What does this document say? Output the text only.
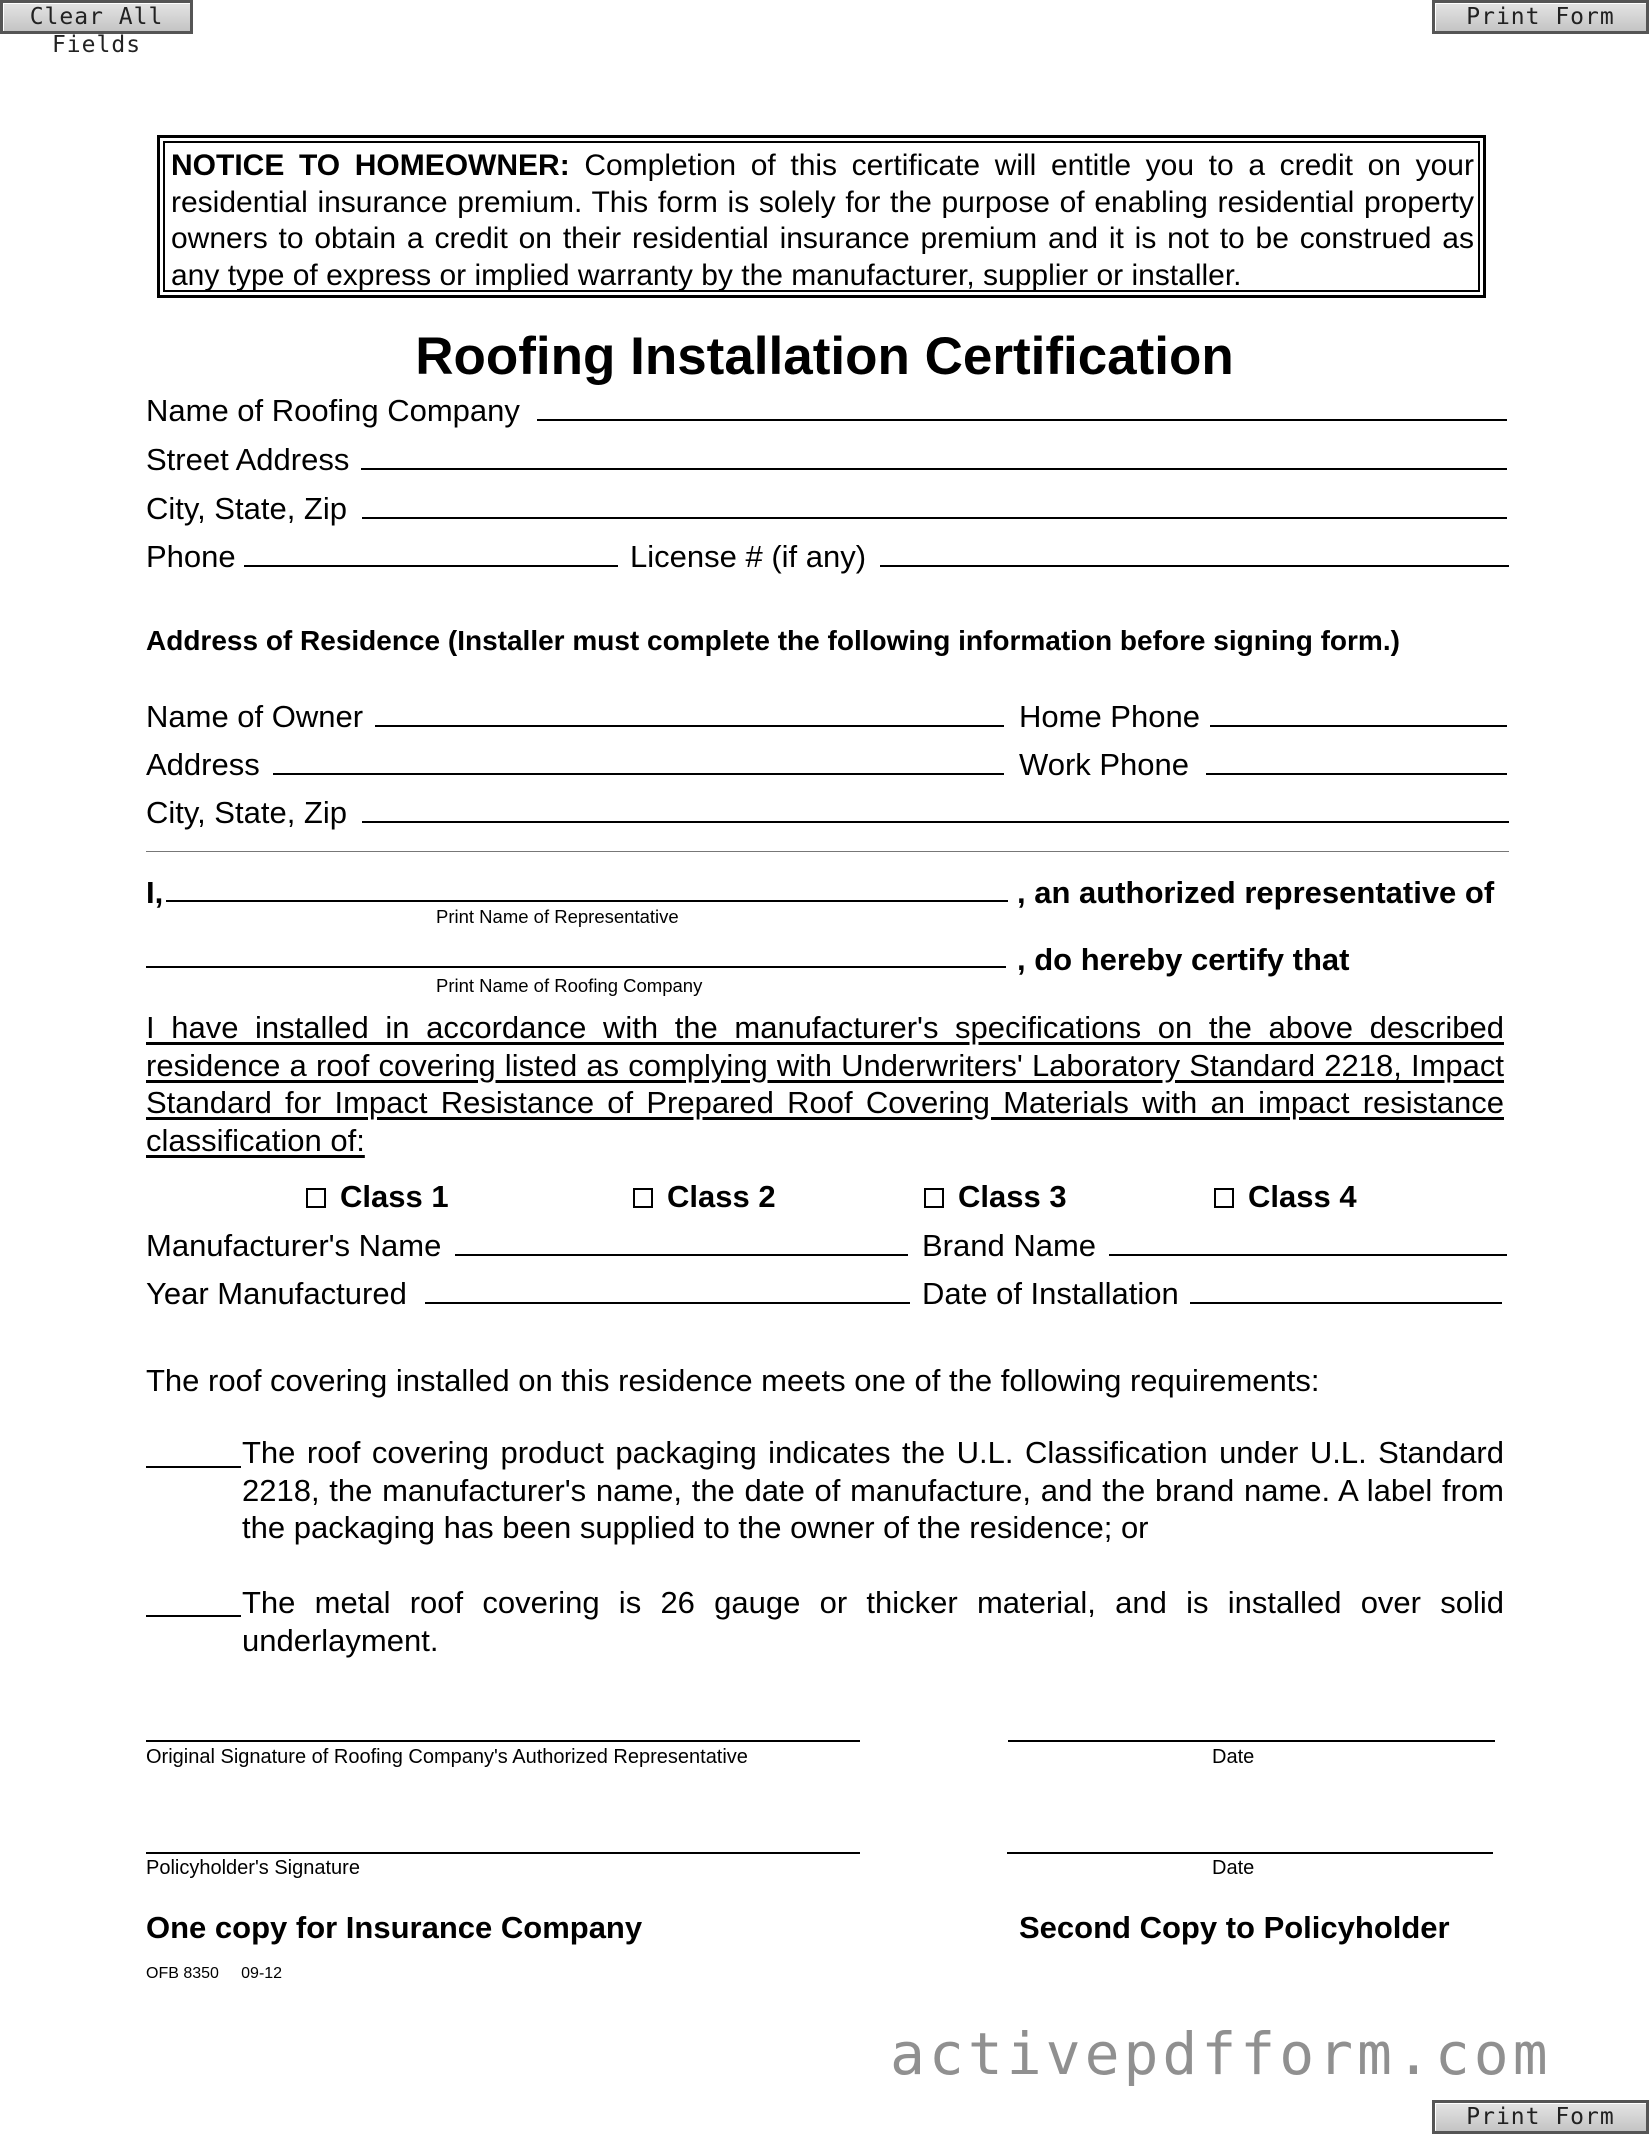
Clear All Fields
Print Form
Print Form
NOTICE TO HOMEOWNER: Completion of this certificate will entitle you to a credit on your residential insurance premium. This form is solely for the purpose of enabling residential property owners to obtain a credit on their residential insurance premium and it is not to be construed as any type of express or implied warranty by the manufacturer, supplier or installer.
Roofing Installation Certification
Name of Roofing Company
Street Address
City, State, Zip
Phone	License # (if any)
Address of Residence (Installer must complete the following information before signing form.)
Name of Owner	Home Phone
Address	Work Phone
City, State, Zip
I,	, an authorized representative of
Print Name of Representative
, do hereby certify that
Print Name of Roofing Company
I have installed in accordance with the manufacturer's specifications on the above described residence a roof covering listed as complying with Underwriters' Laboratory Standard 2218, Impact Standard for Impact Resistance of Prepared Roof Covering Materials with an impact resistance classification of:
Class 1	Class 2	Class 3	Class 4
Manufacturer's Name	Brand Name
Year Manufactured	Date of Installation
The roof covering installed on this residence meets one of the following requirements:
The roof covering product packaging indicates the U.L. Classification under U.L. Standard 2218, the manufacturer's name, the date of manufacture, and the brand name. A label from the packaging has been supplied to the owner of the residence; or
The metal roof covering is 26 gauge or thicker material, and is installed over solid underlayment.
Original Signature of Roofing Company's Authorized Representative	Date
Policyholder's Signature	Date
One copy for Insurance Company	Second Copy to Policyholder
OFB 8350     09-12
activepdfform.com
